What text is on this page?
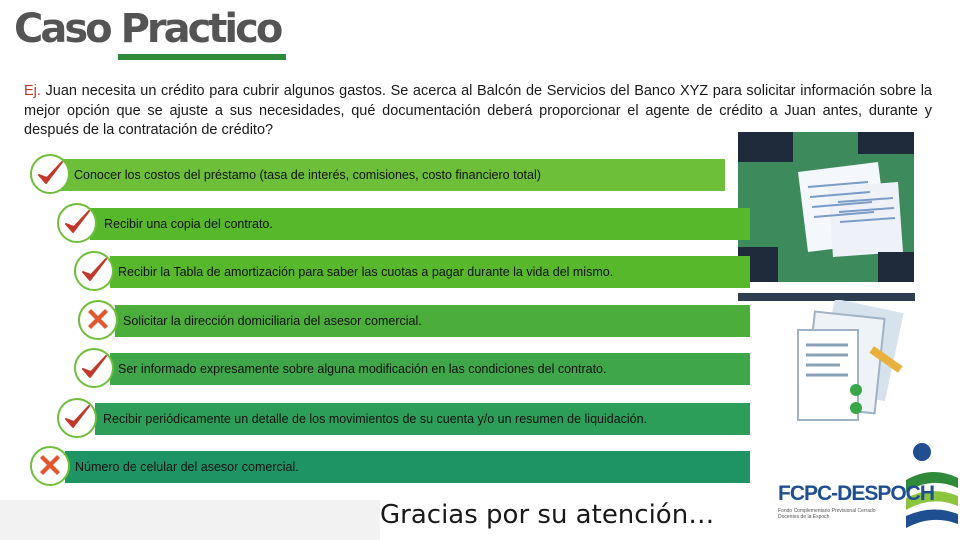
Caso Practico
Ej. Juan necesita un crédito para cubrir algunos gastos. Se acerca al Balcón de Servicios del Banco XYZ para solicitar información sobre la mejor opción que se ajuste a sus necesidades, qué documentación deberá proporcionar el agente de crédito a Juan antes, durante y después de la contratación de crédito?
Conocer los costos del préstamo (tasa de interés, comisiones, costo financiero total)
Recibir una copia del contrato.
Recibir la Tabla de amortización para saber las cuotas a pagar durante la vida del mismo.
Solicitar la dirección domiciliaria del asesor comercial.
Ser informado expresamente sobre alguna modificación en las condiciones del contrato.
Recibir periódicamente un detalle de los movimientos de su cuenta y/o un resumen de liquidación.
Número de celular del asesor comercial.
Gracias por su atención…
FCPC-DESPOCH
Fondo Complementario Previsional Cerrado
Docentes de la Espoch
